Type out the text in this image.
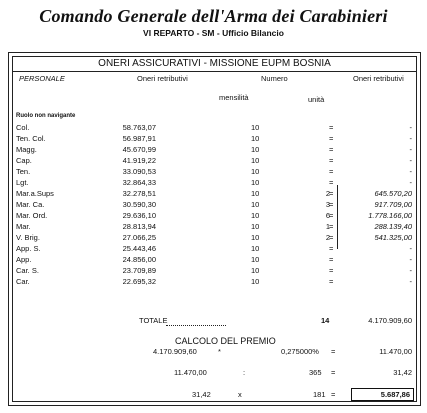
Comando Generale dell'Arma dei Carabinieri
VI REPARTO - SM - Ufficio Bilancio
ONERI ASSICURATIVI - MISSIONE EUPM BOSNIA
PERSONALE	Oneri retributivi	Numero	Oneri retributivi
mensilità	unità
Ruolo non navigante
Col.	58.763,07	10	=	-
Ten. Col.	56.987,91	10	=	-
Magg.	45.670,99	10	=	-
Cap.	41.919,22	10	=	-
Ten.	33.090,53	10	=	-
Lgt.	32.864,33	10	=	-
Mar.a.Sups	32.278,51	10	2 =	645.570,20
Mar. Ca.	30.590,30	10	3 =	917.709,00
Mar. Ord.	29.636,10	10	6 =	1.778.166,00
Mar.	28.813,94	10	1 =	288.139,40
V. Brig.	27.066,25	10	2 =	541.325,00
App. S.	25.443,46	10	=	-
App.	24.856,00	10	=	-
Car. S.	23.709,89	10	=	-
Car.	22.695,32	10	=	-
TOTALE	14	4.170.909,60
CALCOLO DEL PREMIO
4.170.909,60	*	0,275000% =	11.470,00
11.470,00	:	365 =	31,42
31,42	x	181 =	5.687,86
